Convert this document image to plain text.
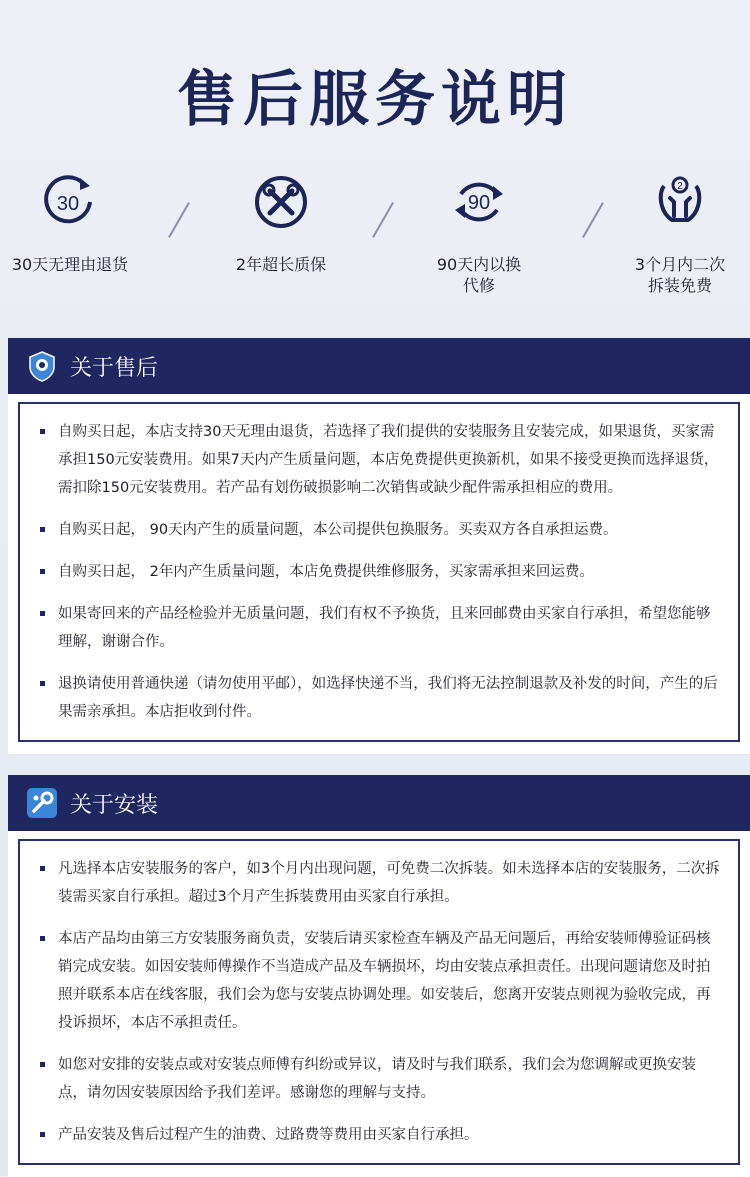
售后服务说明
30
30天无理由退货	2年超长质保
90
90天内以换
代修
2
3个月内二次
拆装免费
关于售后
自购买日起，本店支持30天无理由退货，若选择了我们提供的安装服务且安装完成，如果退货，买家需承担150元安装费用。如果7天内产生质量问题，本店免费提供更换新机，如果不接受更换而选择退货，需扣除150元安装费用。若产品有划伤破损影响二次销售或缺少配件需承担相应的费用。
自购买日起， 90天内产生的质量问题，本公司提供包换服务。买卖双方各自承担运费。
自购买日起， 2年内产生质量问题，本店免费提供维修服务，买家需承担来回运费。
如果寄回来的产品经检验并无质量问题，我们有权不予换货，且来回邮费由买家自行承担，希望您能够理解，谢谢合作。
退换请使用普通快递（请勿使用平邮），如选择快递不当，我们将无法控制退款及补发的时间，产生的后果需亲承担。本店拒收到付件。
关于安装
凡选择本店安装服务的客户，如3个月内出现问题，可免费二次拆装。如未选择本店的安装服务，二次拆装需买家自行承担。超过3个月产生拆装费用由买家自行承担。
本店产品均由第三方安装服务商负责，安装后请买家检查车辆及产品无问题后，再给安装师傅验证码核销完成安装。如因安装师傅操作不当造成产品及车辆损坏，均由安装点承担责任。出现问题请您及时拍照并联系本店在线客服，我们会为您与安装点协调处理。如安装后，您离开安装点则视为验收完成，再投诉损坏，本店不承担责任。
如您对安排的安装点或对安装点师傅有纠纷或异议，请及时与我们联系，我们会为您调解或更换安装点，请勿因安装原因给予我们差评。感谢您的理解与支持。
产品安装及售后过程产生的油费、过路费等费用由买家自行承担。
